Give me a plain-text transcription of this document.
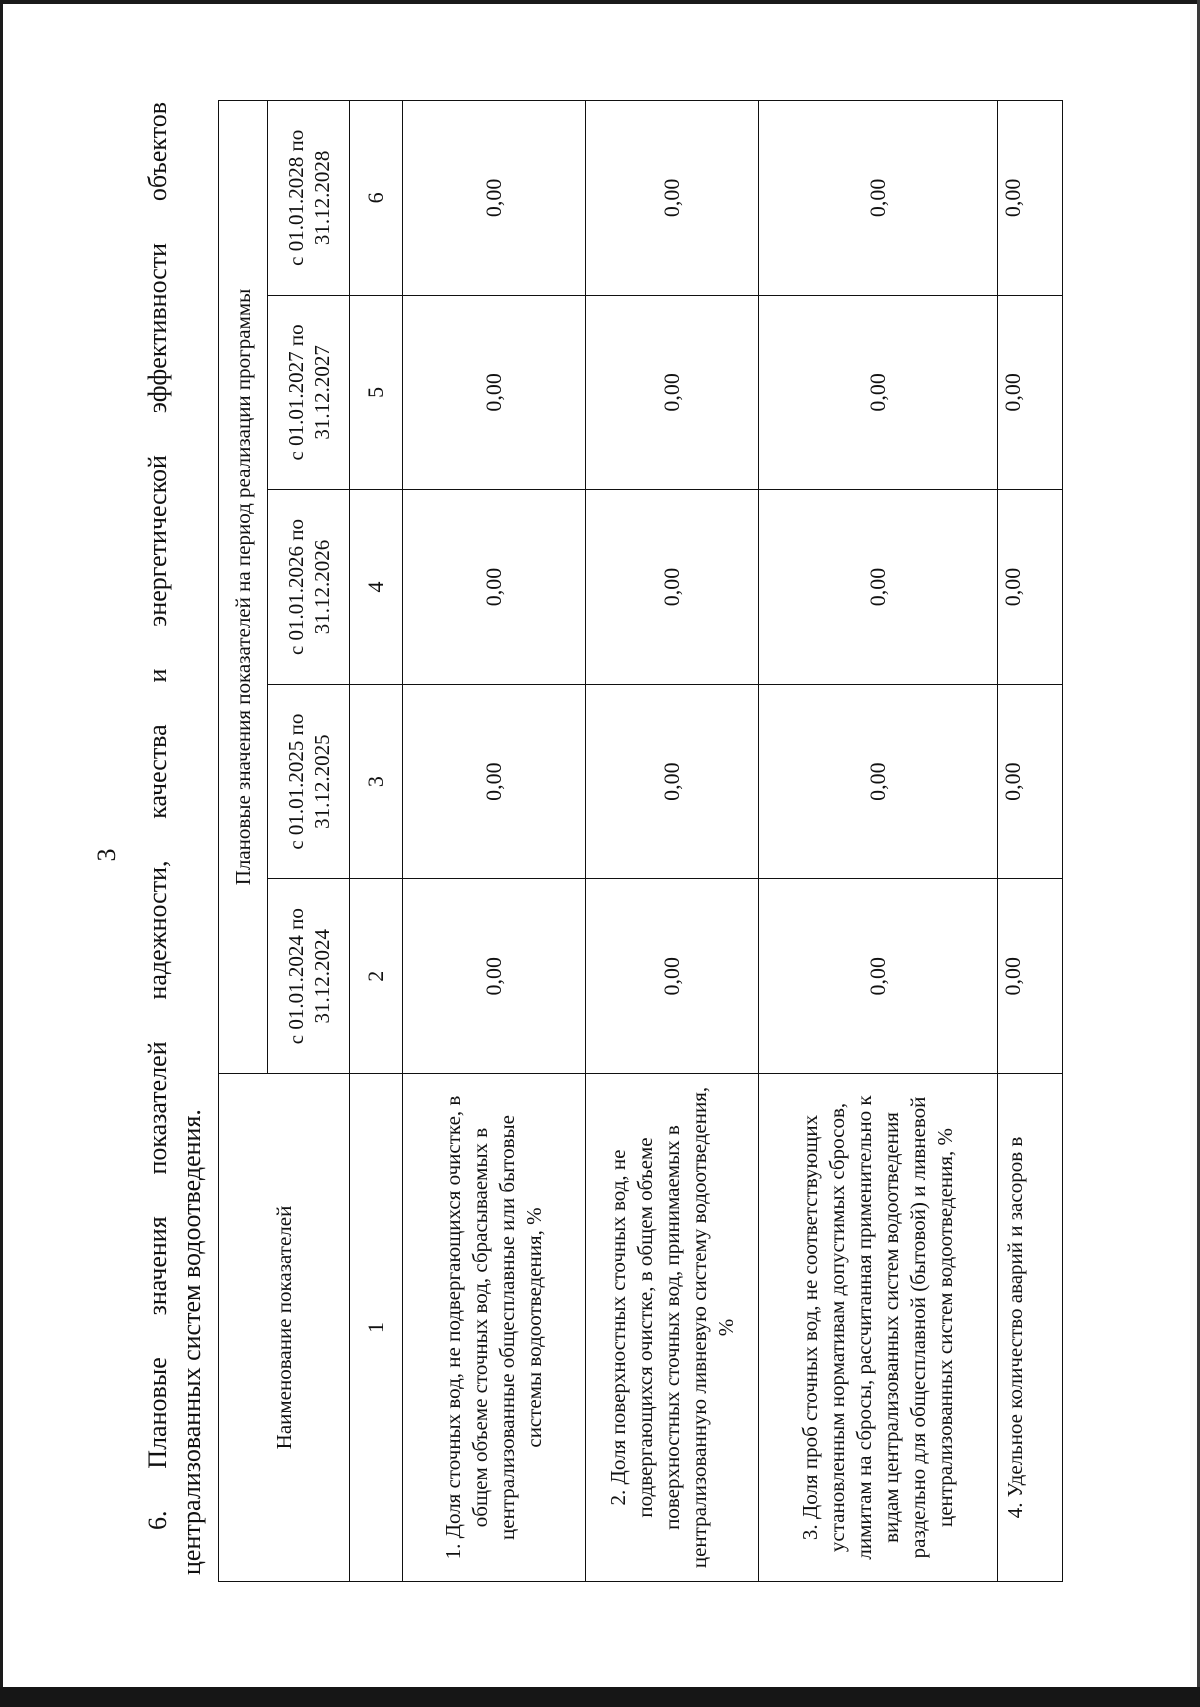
3 6. Плановые значения показателей надежности, качества и энергетической эффективности объектов централизованных систем водоотведения.	Наименование показателей	Плановые значения показателей на период реализации программы				
	с 01.01.2024 по 31.12.2024	с 01.01.2025 по 31.12.2025	с 01.01.2026 по 31.12.2026	с 01.01.2027 по 31.12.2027	с 01.01.2028 по 31.12.2028
1	2	3	4	5	6
1. Доля сточных вод, не подвергающихся очистке, в общем объеме сточных вод, сбрасываемых в централизованные общесплавные или бытовые системы водоотведения, %	0,00	0,00	0,00	0,00	0,00
2. Доля поверхностных сточных вод, не подвергающихся очистке, в общем объеме поверхностных сточных вод, принимаемых в централизованную ливневую систему водоотведения, %	0,00	0,00	0,00	0,00	0,00
3. Доля проб сточных вод, не соответствующих установленным нормативам допустимых сбросов, лимитам на сбросы, рассчитанная применительно к видам централизованных систем водоотведения раздельно для общесплавной (бытовой) и ливневой централизованных систем водоотведения, %	0,00	0,00	0,00	0,00	0,00
4. Удельное количество аварий и засоров в	0,00	0,00	0,00	0,00	0,00
